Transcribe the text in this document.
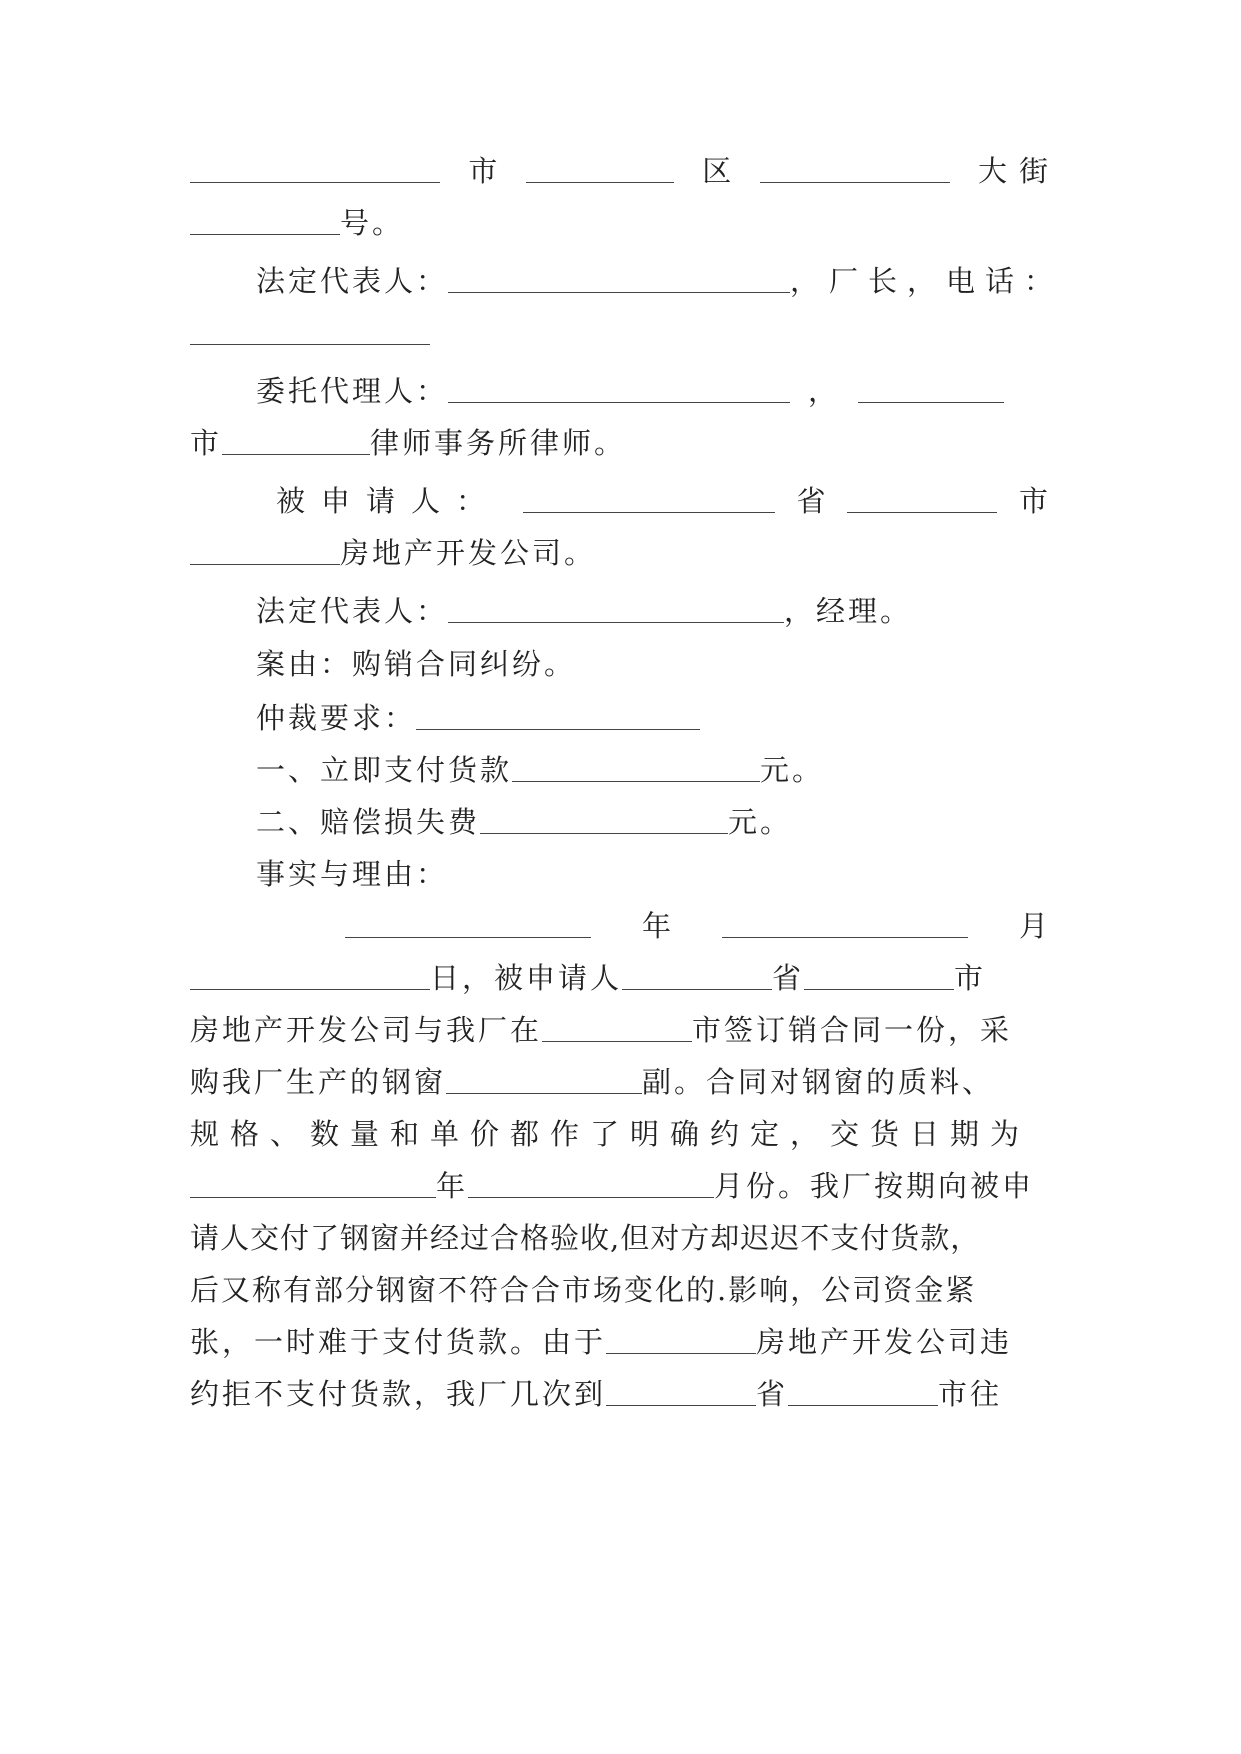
市	区	大街
号。
法定代表人：	，厂长，电话：
委托代理人：	，
市	律师事务所律师。
被申请人：	省	市
房地产开发公司。
法定代表人：	，经理。
案由：购销合同纠纷。
仲裁要求：
一、立即支付货款	元。
二、赔偿损失费	元。
事实与理由：
年	月
日，被申请人	省	市
房地产开发公司与我厂在	市签订销合同一份，采
购我厂生产的钢窗	副。合同对钢窗的质料、
规格、数量和单价都作了明确约定，交货日期为
年	月份。我厂按期向被申
请人交付了钢窗并经过合格验收,但对方却迟迟不支付货款，
后又称有部分钢窗不符合合市场变化的.影响，公司资金紧
张，一时难于支付货款。由于	房地产开发公司违
约拒不支付货款，我厂几次到	省	市往
